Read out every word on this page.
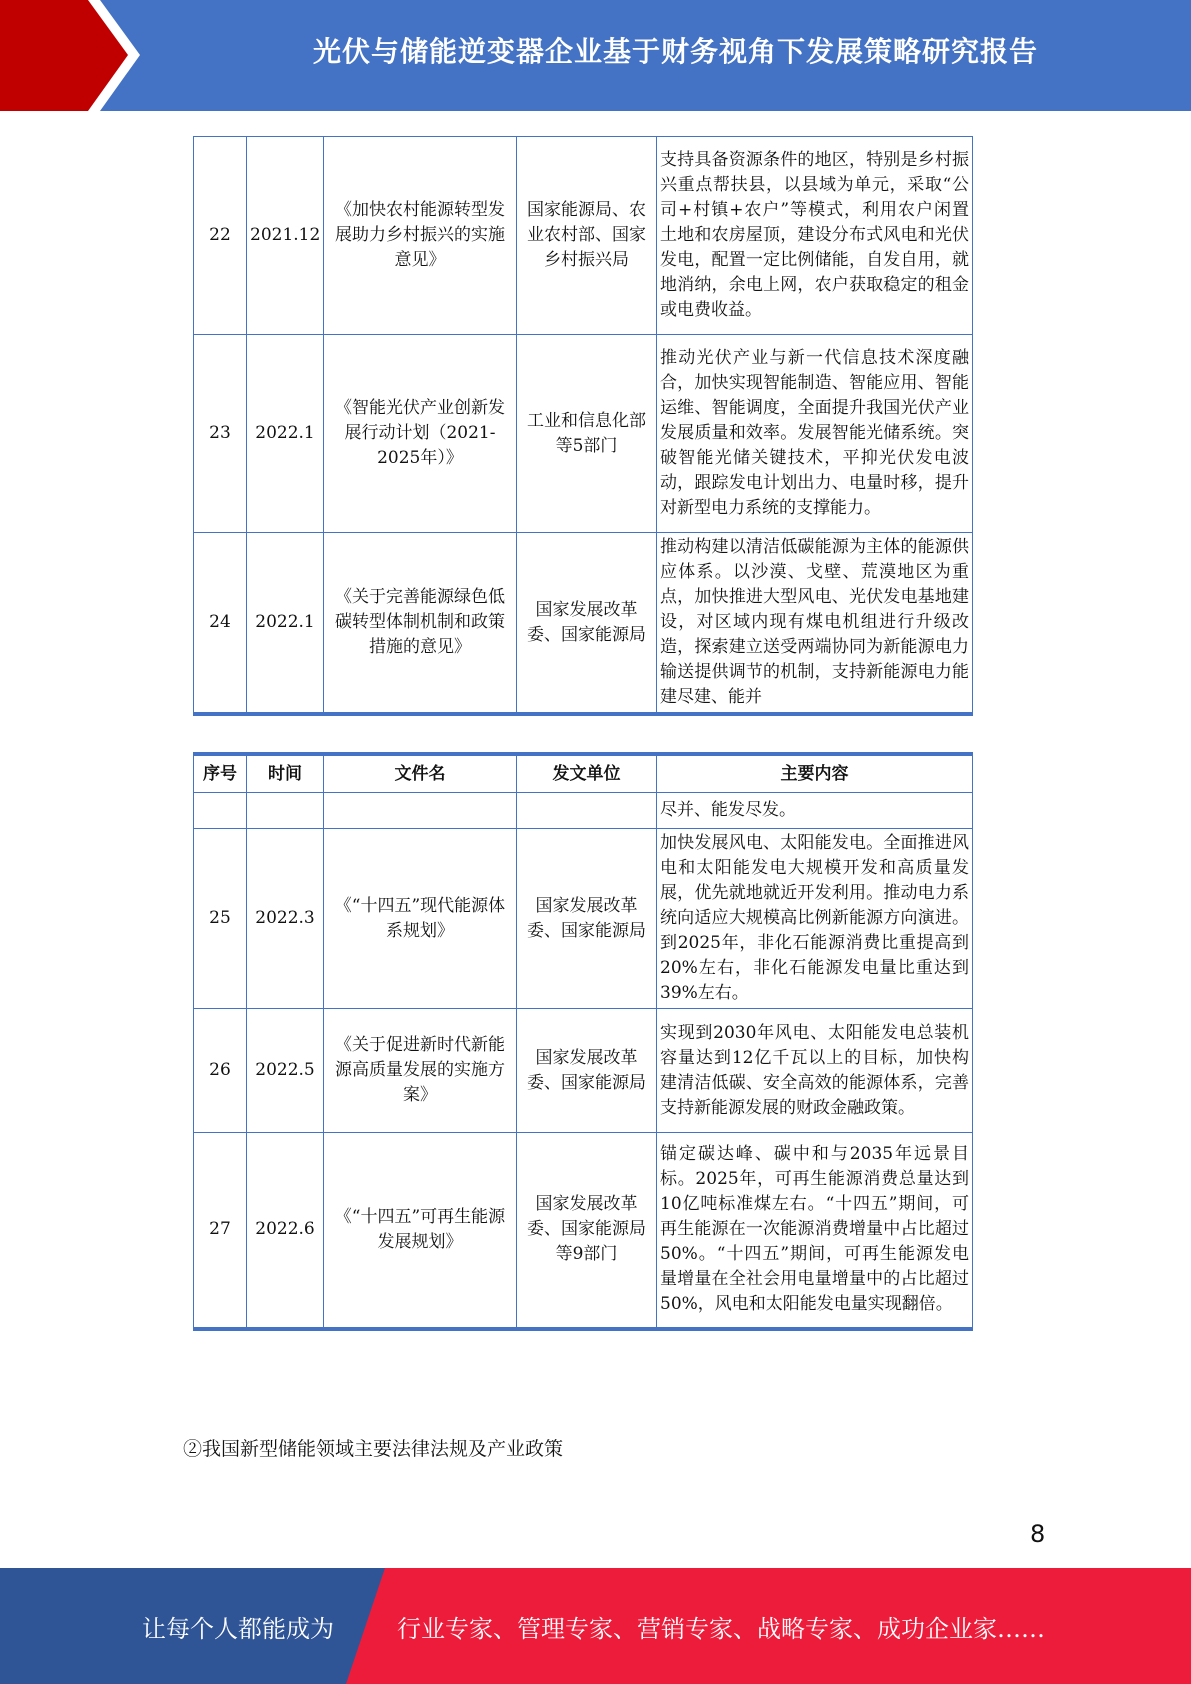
光伏与储能逆变器企业基于财务视角下发展策略研究报告
22	2021.12	《加快农村能源转型发展助力乡村振兴的实施意见》	国家能源局、农业农村部、国家乡村振兴局	支持具备资源条件的地区，特别是乡村振兴重点帮扶县，以县域为单元，采取“公司+村镇+农户”等模式，利用农户闲置土地和农房屋顶，建设分布式风电和光伏发电，配置一定比例储能，自发自用，就地消纳，余电上网，农户获取稳定的租金或电费收益。
23	2022.1	《智能光伏产业创新发展行动计划（2021-2025年）》	工业和信息化部等5部门	推动光伏产业与新一代信息技术深度融合，加快实现智能制造、智能应用、智能运维、智能调度，全面提升我国光伏产业发展质量和效率。发展智能光储系统。突破智能光储关键技术，平抑光伏发电波动，跟踪发电计划出力、电量时移，提升对新型电力系统的支撑能力。
24	2022.1	《关于完善能源绿色低碳转型体制机制和政策措施的意见》	国家发展改革委、国家能源局	推动构建以清洁低碳能源为主体的能源供应体系。以沙漠、戈壁、荒漠地区为重点，加快推进大型风电、光伏发电基地建设，对区域内现有煤电机组进行升级改造，探索建立送受两端协同为新能源电力输送提供调节的机制，支持新能源电力能建尽建、能并
序号	时间	文件名	发文单位	主要内容
				尽并、能发尽发。
25	2022.3	《“十四五”现代能源体系规划》	国家发展改革委、国家能源局	加快发展风电、太阳能发电。全面推进风电和太阳能发电大规模开发和高质量发展，优先就地就近开发利用。推动电力系统向适应大规模高比例新能源方向演进。到2025年，非化石能源消费比重提高到20%左右，非化石能源发电量比重达到39%左右。
26	2022.5	《关于促进新时代新能源高质量发展的实施方案》	国家发展改革委、国家能源局	实现到2030年风电、太阳能发电总装机容量达到12亿千瓦以上的目标，加快构建清洁低碳、安全高效的能源体系，完善支持新能源发展的财政金融政策。
27	2022.6	《“十四五”可再生能源发展规划》	国家发展改革委、国家能源局等9部门	锚定碳达峰、碳中和与2035年远景目标。2025年，可再生能源消费总量达到10亿吨标准煤左右。“十四五”期间，可再生能源在一次能源消费增量中占比超过50%。“十四五”期间，可再生能源发电量增量在全社会用电量增量中的占比超过50%，风电和太阳能发电量实现翻倍。
②我国新型储能领域主要法律法规及产业政策
8
让每个人都能成为	行业专家、管理专家、营销专家、战略专家、成功企业家……
